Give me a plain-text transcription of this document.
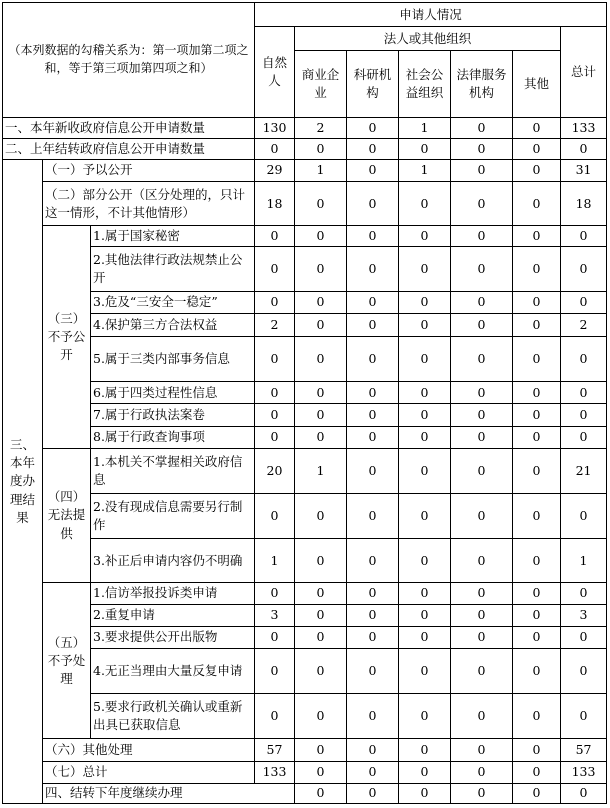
（本列数据的勾稽关系为：第一项加第二项之和，等于第三项加第四项之和）			申请人情况							
			自然人	法人或其他组织					总计	
				商业企业	科研机构	社会公益组织	法律服务机构	其他		
一、本年新收政府信息公开申请数量			130	2	0	1	0	0	133	
二、上年结转政府信息公开申请数量			0	0	0	0	0	0	0	
三、本年度办理结果	（一）予以公开		29	1	0	1	0	0	31	
	（二）部分公开（区分处理的，只计这一情形，不计其他情形）		18	0	0	0	0	0	18	
	（三）不予公开	1.属于国家秘密	0	0	0	0	0	0	0	
		2.其他法律行政法规禁止公开	0	0	0	0	0	0	0	
		3.危及“三安全一稳定”	0	0	0	0	0	0	0	
		4.保护第三方合法权益	2	0	0	0	0	0	2	
		5.属于三类内部事务信息	0	0	0	0	0	0	0	
		6.属于四类过程性信息	0	0	0	0	0	0	0	
		7.属于行政执法案卷	0	0	0	0	0	0	0	
		8.属于行政查询事项	0	0	0	0	0	0	0	
	（四）无法提供	1.本机关不掌握相关政府信息	20	1	0	0	0	0	21	
		2.没有现成信息需要另行制作	0	0	0	0	0	0	0	
		3.补正后申请内容仍不明确	1	0	0	0	0	0	1	
	（五）不予处理	1.信访举报投诉类申请	0	0	0	0	0	0	0	
		2.重复申请	3	0	0	0	0	0	3	
		3.要求提供公开出版物	0	0	0	0	0	0	0	
		4.无正当理由大量反复申请	0	0	0	0	0	0	0	
		5.要求行政机关确认或重新出具已获取信息	0	0	0	0	0	0	0	
	（六）其他处理		57	0	0	0	0	0	57	
	（七）总计		133	0	0	0	0	0	133	
	四、结转下年度继续办理			0	0	0	0	0	0	
